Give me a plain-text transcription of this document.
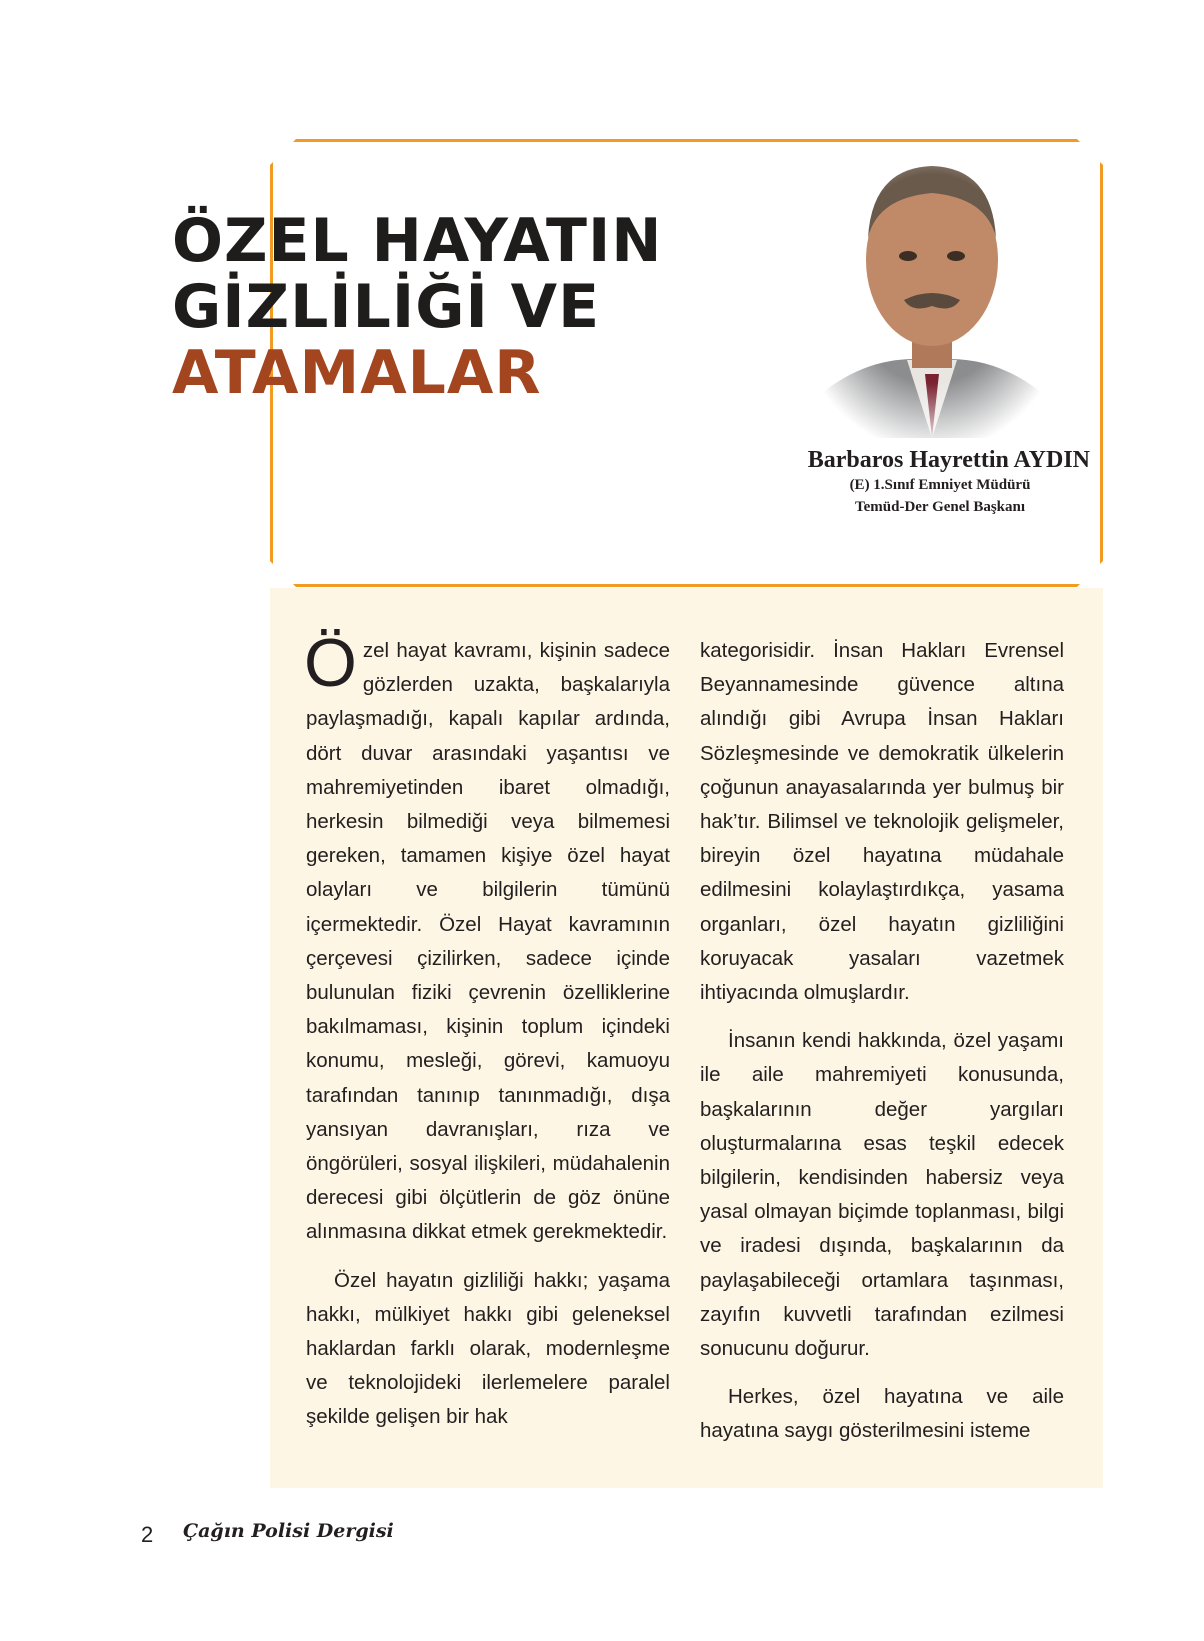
ÖZEL HAYATIN
GİZLİLİĞİ VE
ATAMALAR
Barbaros Hayrettin AYDIN
(E) 1.Sınıf Emniyet Müdürü
Temüd-Der Genel Başkanı

Özel hayat kavramı, kişinin sadece gözlerden uzakta, başkalarıyla paylaşmadığı, kapalı kapılar ardında, dört duvar arasındaki yaşantısı ve mahremiyetinden ibaret olmadığı, herkesin bilmediği veya bilmemesi gereken, tamamen kişiye özel hayat olayları ve bilgilerin tümünü içermektedir. Özel Hayat kavramının çerçevesi çizilirken, sadece içinde bulunulan fiziki çevrenin özelliklerine bakılmaması, kişinin toplum içindeki konumu, mesleği, görevi, kamuoyu tarafından tanınıp tanınmadığı, dışa yansıyan davranışları, rıza ve öngörüleri, sosyal ilişkileri, müdahalenin derecesi gibi ölçütlerin de göz önüne alınmasına dikkat etmek gerekmektedir.

Özel hayatın gizliliği hakkı; yaşama hakkı, mülkiyet hakkı gibi geleneksel haklardan farklı olarak, modernleşme ve teknolojideki ilerlemelere paralel şekilde gelişen bir hak

kategorisidir. İnsan Hakları Evrensel Beyannamesinde güvence altına alındığı gibi Avrupa İnsan Hakları Sözleşmesinde ve demokratik ülkelerin çoğunun anayasalarında yer bulmuş bir hak’tır. Bilimsel ve teknolojik gelişmeler, bireyin özel hayatına müdahale edilmesini kolaylaştırdıkça, yasama organları, özel hayatın gizliliğini koruyacak yasaları vazetmek ihtiyacında olmuşlardır.

İnsanın kendi hakkında, özel yaşamı ile aile mahremiyeti konusunda, başkalarının değer yargıları oluşturmalarına esas teşkil edecek bilgilerin, kendisinden habersiz veya yasal olmayan biçimde toplanması, bilgi ve iradesi dışında, başkalarının da paylaşabileceği ortamlara taşınması, zayıfın kuvvetli tarafından ezilmesi sonucunu doğurur.

Herkes, özel hayatına ve aile hayatına saygı gösterilmesini isteme

2 Çağın Polisi Dergisi
